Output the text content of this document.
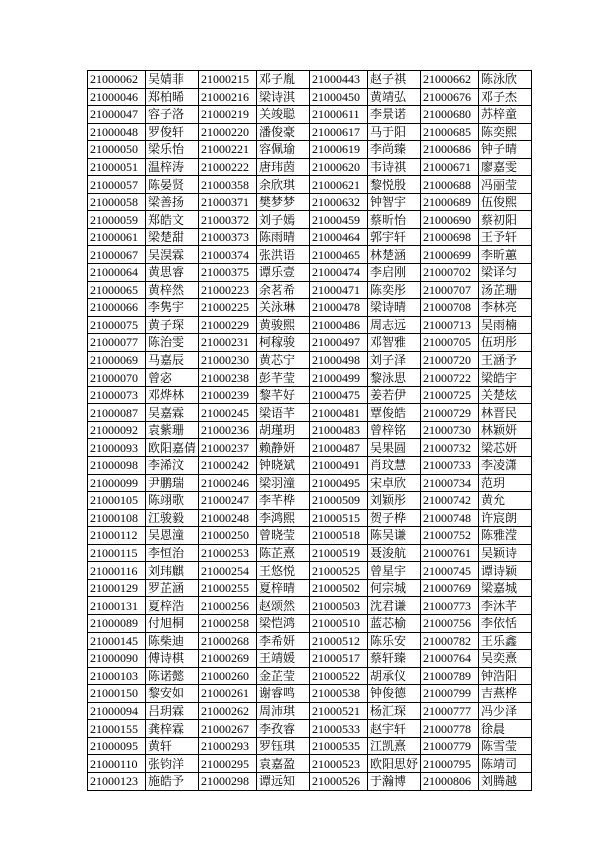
21000062	吴婧菲	21000215	邓子胤	21000443	赵子祺	21000662	陈泳欣
21000046	郑柏晞	21000216	梁诗淇	21000450	黄靖弘	21000676	邓子杰
21000047	容子洛	21000219	关竣聪	21000611	李景诺	21000680	苏梓童
21000048	罗俊轩	21000220	潘俊豪	21000617	马于阳	21000685	陈奕熙
21000050	梁乐怡	21000221	容佩瑜	21000619	李尚臻	21000686	钟子晴
21000051	温梓涛	21000222	唐玮茵	21000620	韦诗祺	21000671	廖嘉雯
21000057	陈晏贤	21000358	余欣琪	21000621	黎悦殷	21000688	冯丽莹
21000058	梁善扬	21000371	樊梦梦	21000632	钟智宇	21000689	伍俊熙
21000059	郑皓文	21000372	刘子嫣	21000459	蔡昕怡	21000690	蔡初阳
21000061	梁楚甜	21000373	陈雨晴	21000464	郭宇轩	21000698	王予轩
21000067	吴淏霖	21000374	张洪语	21000465	林楚涵	21000699	李昕蕙
21000064	黄思睿	21000375	谭乐壹	21000474	李启刚	21000702	梁译匀
21000065	黄梓然	21000223	余茗希	21000471	陈奕彤	21000707	汤芷珊
21000066	李隽宇	21000225	关泳琳	21000478	梁诗晴	21000708	李林亮
21000075	黄子琛	21000229	黄骏熙	21000486	周志远	21000713	吴雨楠
21000077	陈治雯	21000231	柯稼骏	21000497	邓智雅	21000705	伍玥彤
21000069	马嘉辰	21000230	黄芯宁	21000498	刘子泽	21000720	王涵予
21000070	曾宓	21000238	彭芊莹	21000499	黎泳思	21000722	梁皓宇
21000073	邓烨林	21000239	黎芊好	21000475	姜若伊	21000725	关楚炫
21000087	吴嘉霖	21000245	梁语芊	21000481	覃俊皓	21000729	林晋民
21000092	袁紫珊	21000236	胡瑾玥	21000483	曾梓铭	21000730	林颖妍
21000093	欧阳嘉倩	21000237	赖静妍	21000487	吴果圆	21000732	梁芯妍
21000098	李浠汶	21000242	钟晓斌	21000491	肖玟慧	21000733	李凌潇
21000099	尹鹏瑞	21000246	梁羽潼	21000495	宋卓欣	21000734	范玥
21000105	陈翊歌	21000247	李芊桦	21000509	刘颖彤	21000742	黄允
21000108	江骏毅	21000248	李鸿熙	21000515	贺子桦	21000748	许宸朗
21000112	吴恩潼	21000250	曾晓莹	21000518	陈吴谦	21000752	陈雅滢
21000115	李恒治	21000253	陈芷熹	21000519	聂浚航	21000761	吴颖诗
21000116	刘玮麒	21000254	王悠悦	21000525	曾星宇	21000745	谭诗颖
21000129	罗芷涵	21000255	夏梓晴	21000502	何宗城	21000769	梁嘉城
21000131	夏梓浩	21000256	赵颂然	21000503	沈君谦	21000773	李沐芊
21000089	付旭桐	21000258	梁恺鸿	21000510	蓝芯榆	21000756	李依恬
21000145	陈柴迪	21000268	李希妍	21000512	陈乐安	21000782	王乐鑫
21000090	傅诗棋	21000269	王靖媛	21000517	蔡轩臻	21000764	吴奕熹
21000103	陈诺懿	21000260	金芷莹	21000522	胡承仪	21000789	钟浩阳
21000150	黎安如	21000261	谢睿鸣	21000538	钟俊德	21000799	吉燕桦
21000094	吕玥霖	21000262	周沛琪	21000521	杨汇琛	21000777	冯少泽
21000155	龚梓霖	21000267	李孜睿	21000533	赵宇轩	21000778	徐晨
21000095	黄轩	21000293	罗钰琪	21000535	江凯熹	21000779	陈雪莹
21000110	张钧洋	21000295	袁嘉盈	21000523	欧阳思妤	21000795	陈靖司
21000123	施皓予	21000298	谭远知	21000526	于瀚博	21000806	刘腾越
